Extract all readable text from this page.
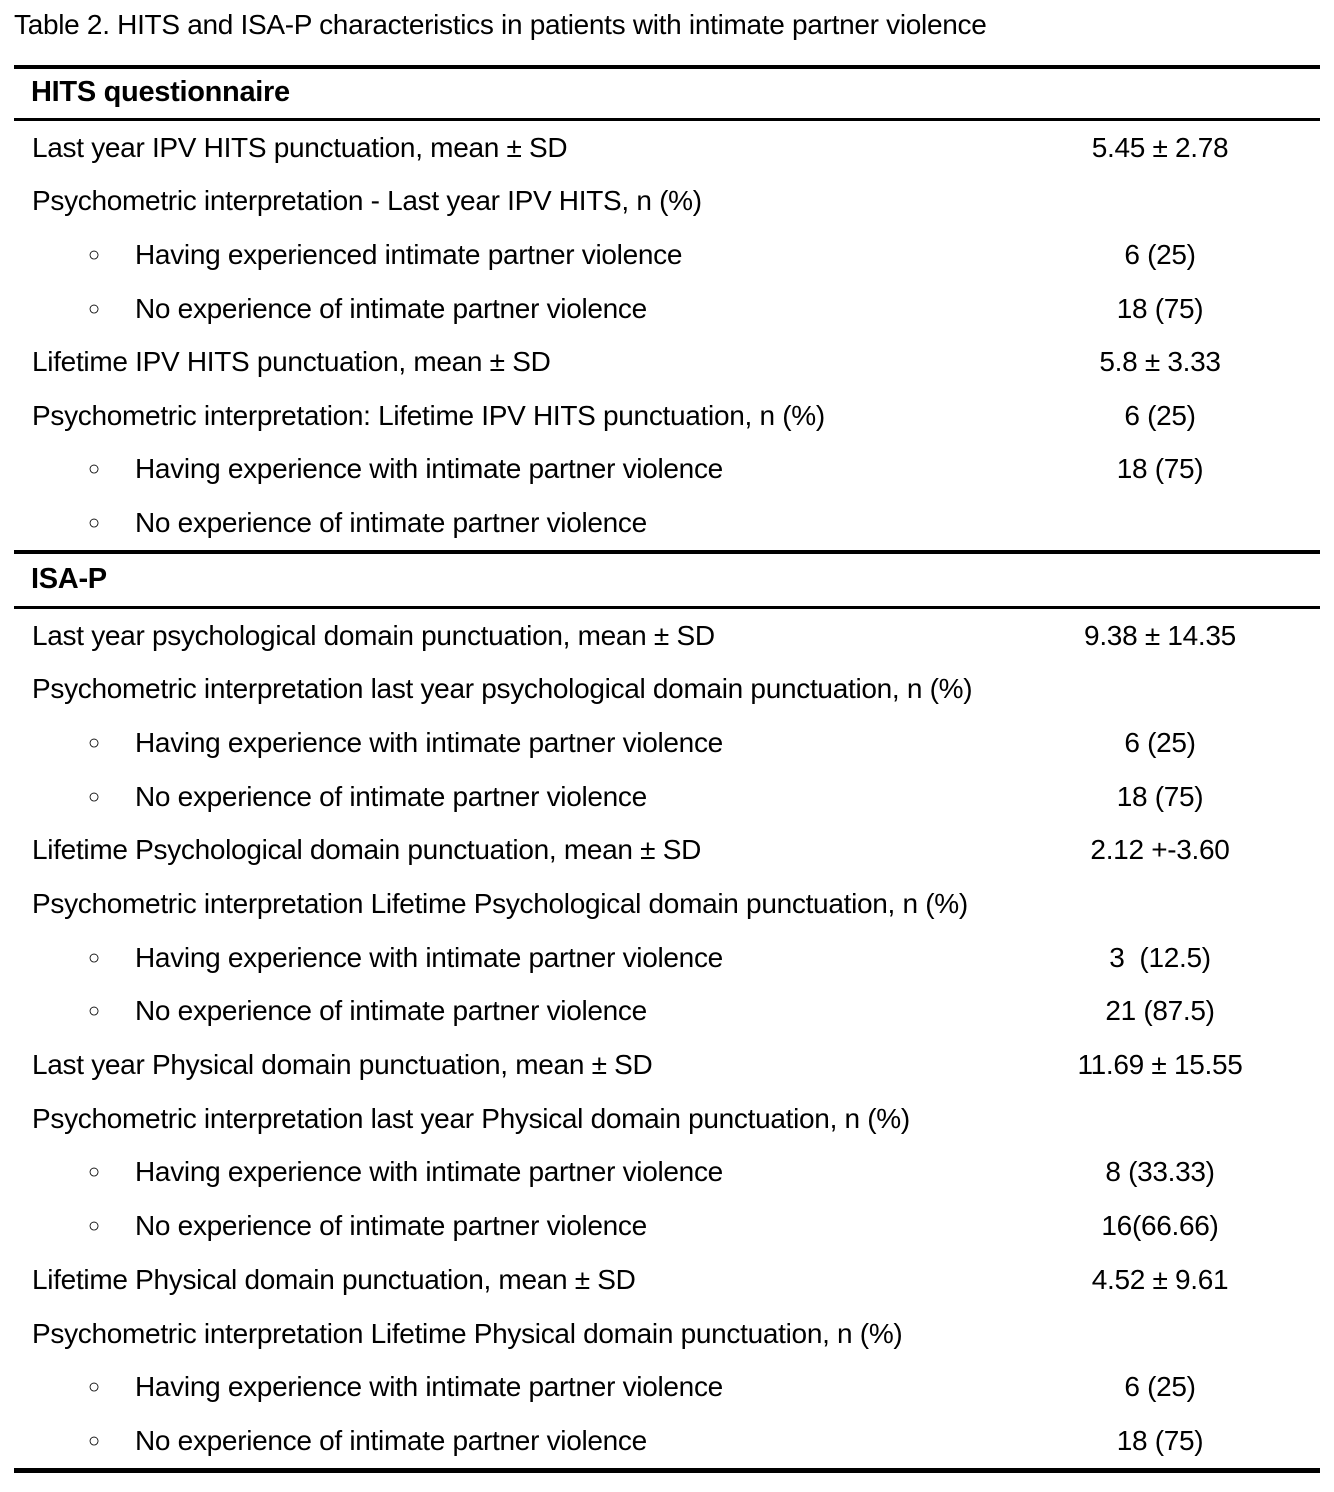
Table 2. HITS and ISA-P characteristics in patients with intimate partner violence
HITS questionnaire
Last year IPV HITS punctuation, mean ± SD	5.45 ± 2.78
Psychometric interpretation - Last year IPV HITS, n (%)
○	Having experienced intimate partner violence	6 (25)
○	No experience of intimate partner violence	18 (75)
Lifetime IPV HITS punctuation, mean ± SD	5.8 ± 3.33
Psychometric interpretation: Lifetime IPV HITS punctuation, n (%)	6 (25)
○	Having experience with intimate partner violence	18 (75)
○	No experience of intimate partner violence
ISA-P
Last year psychological domain punctuation, mean ± SD	9.38 ± 14.35
Psychometric interpretation last year psychological domain punctuation, n (%)
○	Having experience with intimate partner violence	6 (25)
○	No experience of intimate partner violence	18 (75)
Lifetime Psychological domain punctuation, mean ± SD	2.12 +-3.60
Psychometric interpretation Lifetime Psychological domain punctuation, n (%)
○	Having experience with intimate partner violence	3  (12.5)
○	No experience of intimate partner violence	21 (87.5)
Last year Physical domain punctuation, mean ± SD	11.69 ± 15.55
Psychometric interpretation last year Physical domain punctuation, n (%)
○	Having experience with intimate partner violence	8 (33.33)
○	No experience of intimate partner violence	16(66.66)
Lifetime Physical domain punctuation, mean ± SD	4.52 ± 9.61
Psychometric interpretation Lifetime Physical domain punctuation, n (%)
○	Having experience with intimate partner violence	6 (25)
○	No experience of intimate partner violence	18 (75)
